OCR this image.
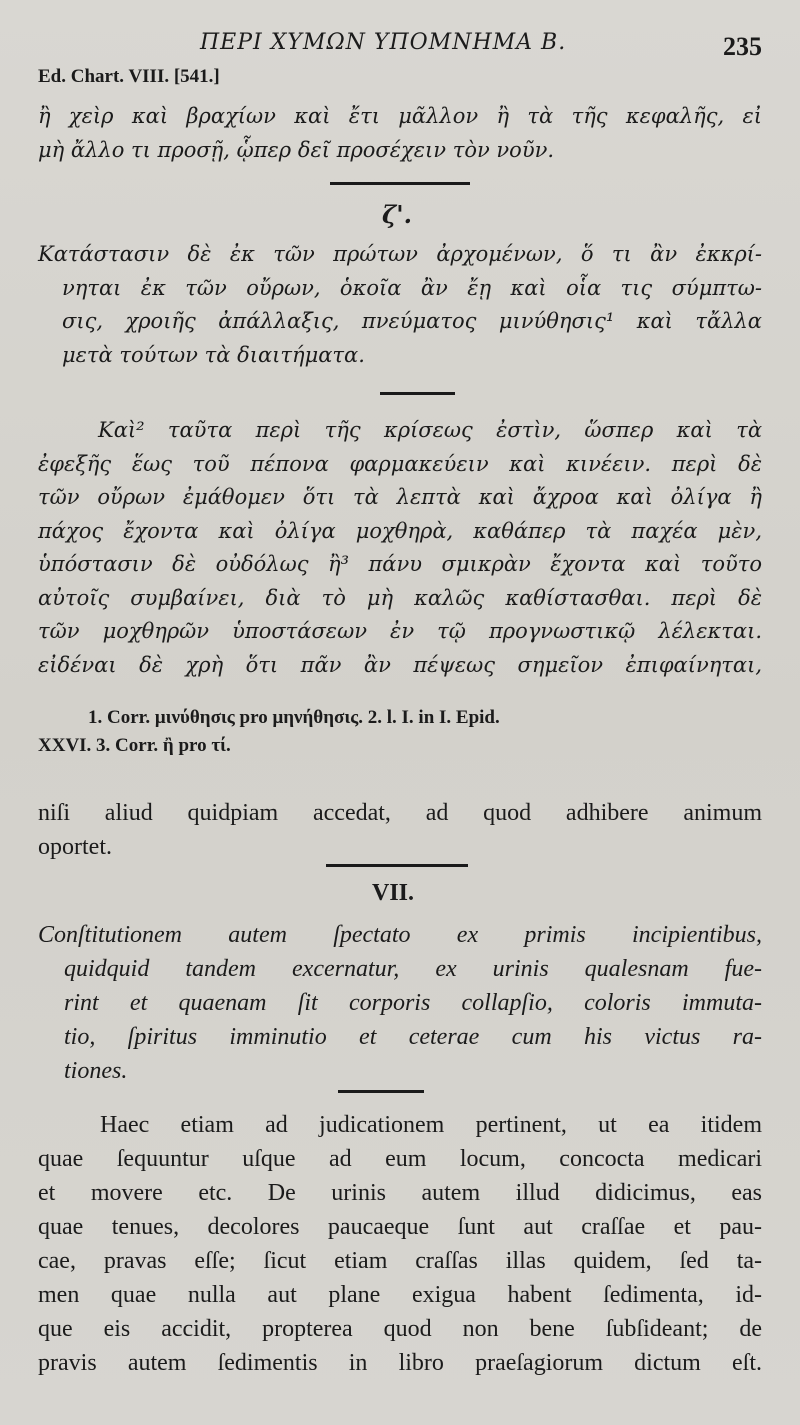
ΠΕΡΙ ΧΥΜΩΝ ΥΠΟΜΝΗΜΑ Β.	235
Ed. Chart. VIII. [541.]
ἢ χεὶρ καὶ βραχίων καὶ ἔτι μᾶλλον ἢ τὰ τῆς κεφαλῆς, εἰ
μὴ ἄλλο τι προσῇ, ᾧπερ δεῖ προσέχειν τὸν νοῦν.
ζ'.
Κατάστασιν δὲ ἐκ τῶν πρώτων ἀρχομένων, ὅ τι ἂν ἐκκρί-
νηται ἐκ τῶν οὔρων, ὁκοῖα ἂν ἔῃ καὶ οἷα τις σύμπτω-
σις, χροιῆς ἀπάλλαξις, πνεύματος μινύθησις¹ καὶ τἄλλα
μετὰ τούτων τὰ διαιτήματα.
Καὶ² ταῦτα περὶ τῆς κρίσεως ἐστὶν, ὥσπερ καὶ τὰ
ἐφεξῆς ἕως τοῦ πέπονα φαρμακεύειν καὶ κινέειν. περὶ δὲ
τῶν οὔρων ἐμάθομεν ὅτι τὰ λεπτὰ καὶ ἄχροα καὶ ὀλίγα ἢ
πάχος ἔχοντα καὶ ὀλίγα μοχθηρὰ, καθάπερ τὰ παχέα μὲν,
ὑπόστασιν δὲ οὐδόλως ἢ³ πάνυ σμικρὰν ἔχοντα καὶ τοῦτο
αὐτοῖς συμβαίνει, διὰ τὸ μὴ καλῶς καθίστασθαι. περὶ δὲ
τῶν μοχθηρῶν ὑποστάσεων ἐν τῷ προγνωστικῷ λέλεκται.
εἰδέναι δὲ χρὴ ὅτι πᾶν ἂν πέψεως σημεῖον ἐπιφαίνηται,
1. Corr. μινύθησις pro μηνήθησις. 2. l. I. in I. Epid.
XXVI. 3. Corr. ἢ pro τί.
niſi aliud quidpiam accedat, ad quod adhibere animum
oportet.
VII.
Conſtitutionem autem ſpectato ex primis incipientibus,
quidquid tandem excernatur, ex urinis qualesnam fue-
rint et quaenam ſit corporis collapſio, coloris immuta-
tio, ſpiritus imminutio et ceterae cum his victus ra-
tiones.
Haec etiam ad judicationem pertinent, ut ea itidem
quae ſequuntur uſque ad eum locum, concocta medicari
et movere etc. De urinis autem illud didicimus, eas
quae tenues, decolores paucaeque ſunt aut craſſae et pau-
cae, pravas eſſe; ſicut etiam craſſas illas quidem, ſed ta-
men quae nulla aut plane exigua habent ſedimenta, id-
que eis accidit, propterea quod non bene ſubſideant; de
pravis autem ſedimentis in libro praeſagiorum dictum eſt.
